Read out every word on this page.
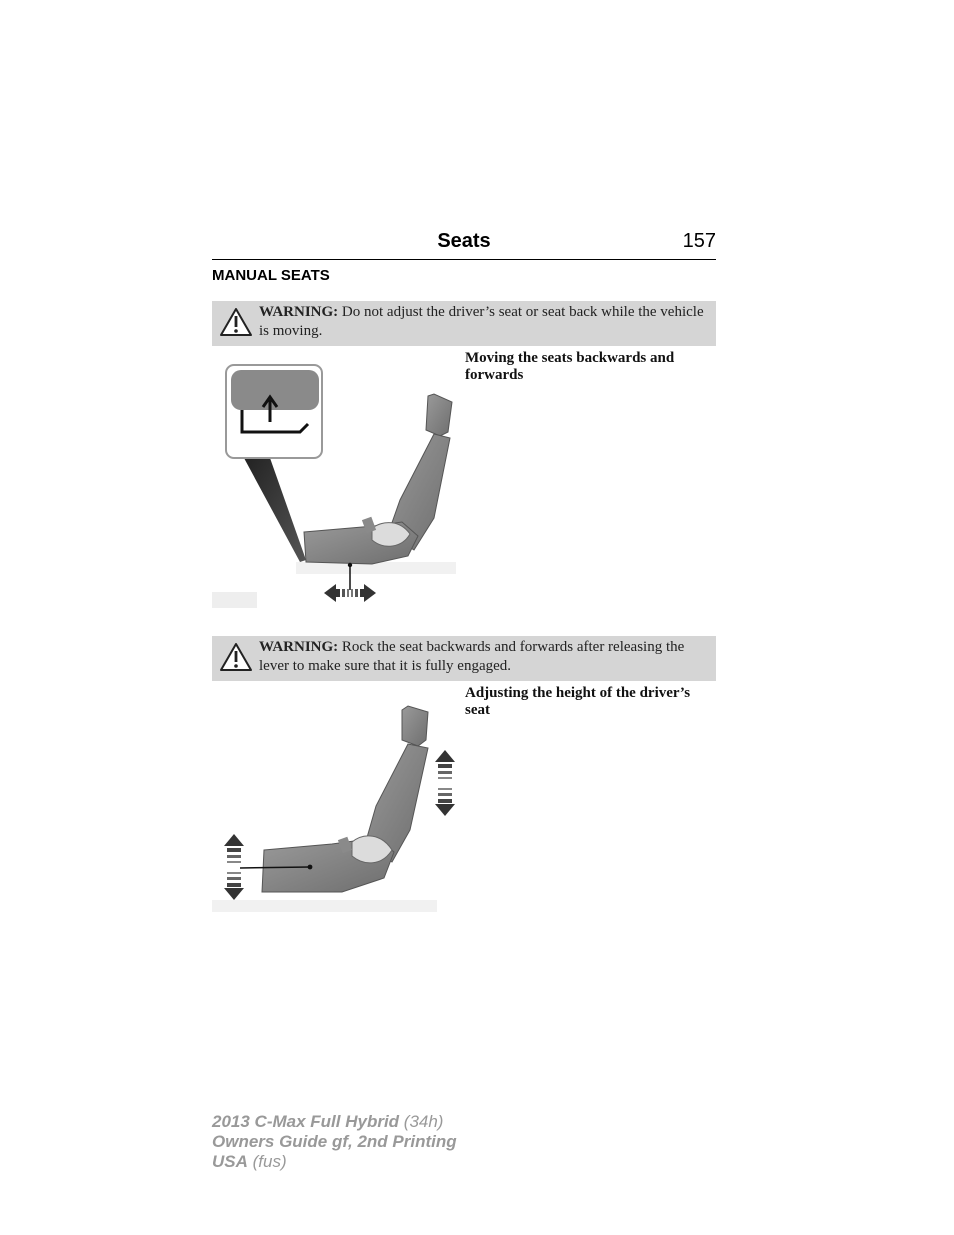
Seats	157
MANUAL SEATS
WARNING: Do not adjust the driver’s seat or seat back while the vehicle is moving.
Moving the seats backwards and forwards
WARNING: Rock the seat backwards and forwards after releasing the lever to make sure that it is fully engaged.
Adjusting the height of the driver’s seat
2013 C-Max Full Hybrid (34h)
Owners Guide gf, 2nd Printing
USA (fus)
